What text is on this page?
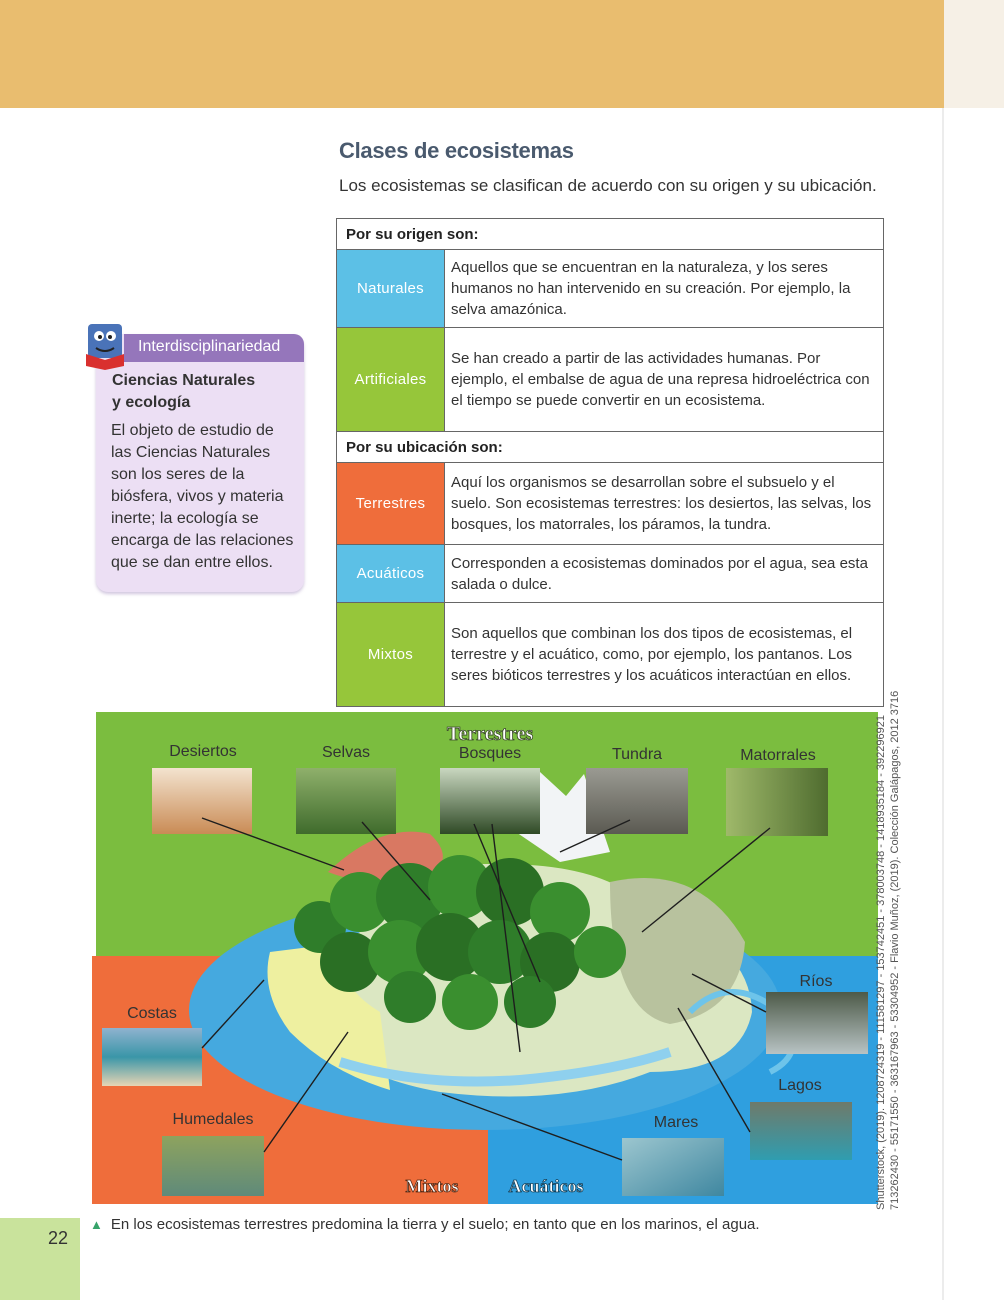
Clases de ecosistemas
Los ecosistemas se clasifican de acuerdo con su origen y su ubicación.
Por su origen son:	
Naturales	Aquellos que se encuentran en la naturaleza, y los seres humanos no han intervenido en su creación. Por ejemplo, la selva amazónica.
Artificiales	Se han creado a partir de las actividades humanas. Por ejemplo, el embalse de agua de una represa hidroeléctrica con el tiempo se puede convertir en un ecosistema.
Por su ubicación son:	
Terrestres	Aquí los organismos se desarrollan sobre el subsuelo y el suelo. Son ecosistemas terrestres: los desiertos, las selvas, los bosques, los matorrales, los páramos, la tundra.
Acuáticos	Corresponden a ecosistemas dominados por el agua, sea esta salada o dulce.
Mixtos	Son aquellos que combinan los dos tipos de ecosistemas, el terrestre y el acuático, como, por ejemplo, los pantanos. Los seres bióticos terrestres y los acuáticos interactúan en ellos.
Interdisciplinariedad
Ciencias Naturales
y ecología
El objeto de estudio de las Ciencias Naturales son los seres de la biósfera, vivos y materia inerte; la ecología se encarga de las relaciones que se dan entre ellos.
Terrestres
Mixtos	Acuáticos
Desiertos	Selvas	Bosques	Tundra	Matorrales
Costas
Humedales
Ríos
Lagos
Mares	Shutterstock, (2019). 1208724319 - 111581297 - 153742451 - 378003748 - 1418935184 - 392296921 713262430 - 55171550 - 363167963 - 53304952 - Flavio Muñoz, (2019). Colección Galápagos, 2012 3716
22
▲ En los ecosistemas terrestres predomina la tierra y el suelo; en tanto que en los marinos, el agua.
